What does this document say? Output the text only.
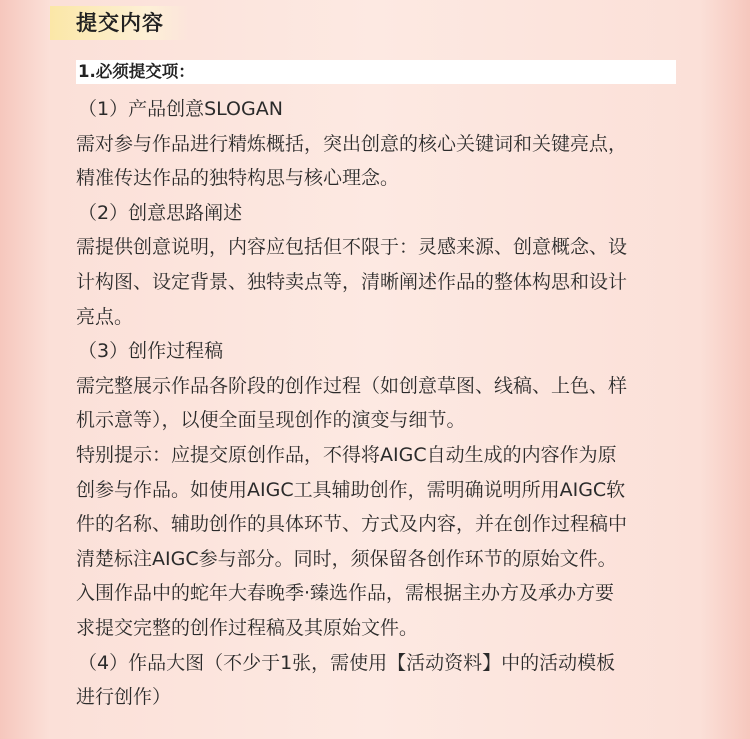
提交内容
1.必须提交项：
（1）产品创意SLOGAN
需对参与作品进行精炼概括，突出创意的核心关键词和关键亮点，
精准传达作品的独特构思与核心理念。
（2）创意思路阐述
需提供创意说明，内容应包括但不限于：灵感来源、创意概念、设
计构图、设定背景、独特卖点等，清晰阐述作品的整体构思和设计
亮点。
（3）创作过程稿
需完整展示作品各阶段的创作过程（如创意草图、线稿、上色、样
机示意等），以便全面呈现创作的演变与细节。
特别提示：应提交原创作品，不得将AIGC自动生成的内容作为原
创参与作品。如使用AIGC工具辅助创作，需明确说明所用AIGC软
件的名称、辅助创作的具体环节、方式及内容，并在创作过程稿中
清楚标注AIGC参与部分。同时，须保留各创作环节的原始文件。
入围作品中的蛇年大春晚季·臻选作品，需根据主办方及承办方要
求提交完整的创作过程稿及其原始文件。
（4）作品大图（不少于1张，需使用【活动资料】中的活动模板
进行创作）
